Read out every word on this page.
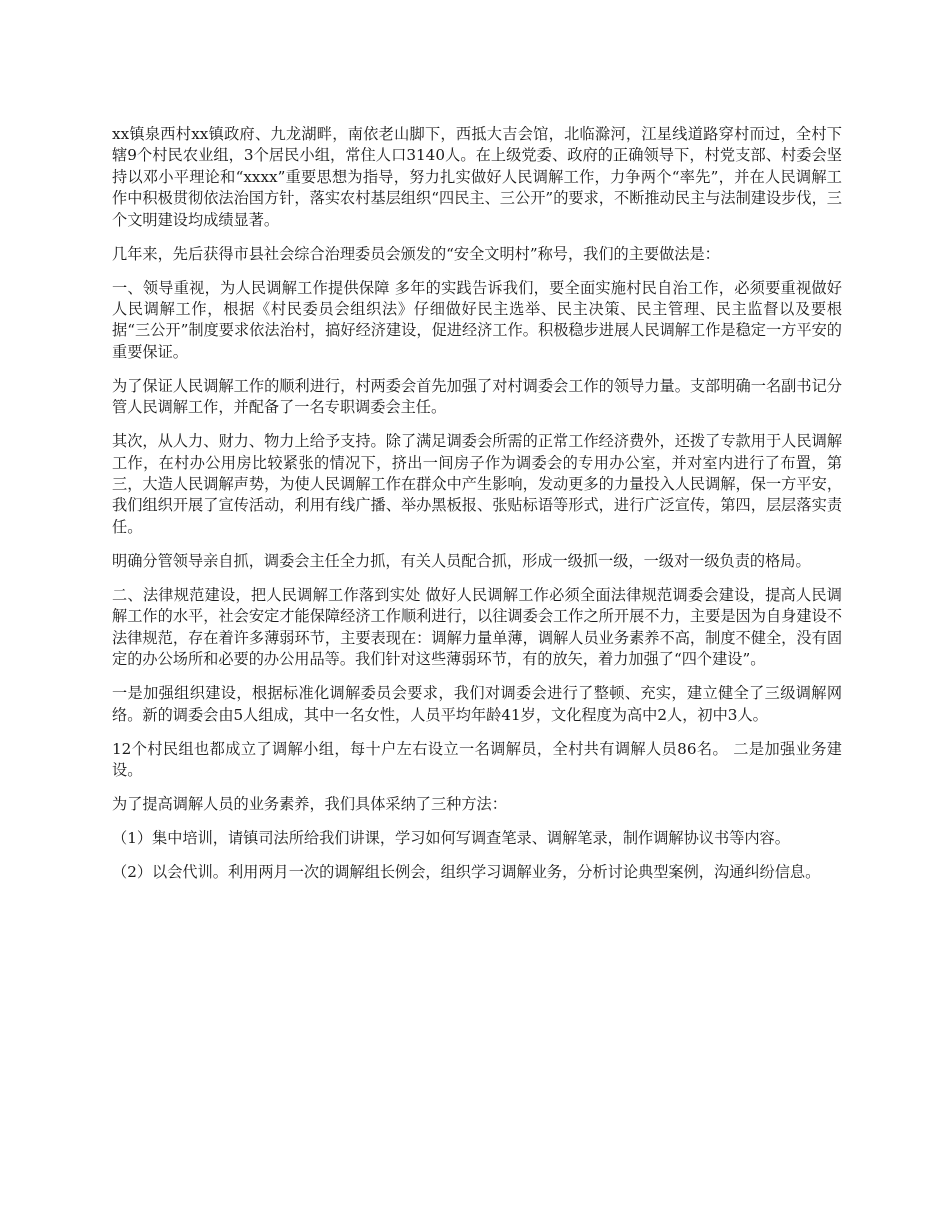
xx镇泉西村xx镇政府、九龙湖畔，南依老山脚下，西抵大吉会馆，北临滁河，江星线道路穿村而过，全村下辖9个村民农业组，3个居民小组，常住人口3140人。在上级党委、政府的正确领导下，村党支部、村委会坚持以邓小平理论和“xxxx”重要思想为指导，努力扎实做好人民调解工作，力争两个“率先”，并在人民调解工作中积极贯彻依法治国方针，落实农村基层组织“四民主、三公开”的要求，不断推动民主与法制建设步伐，三个文明建设均成绩显著。

几年来，先后获得市县社会综合治理委员会颁发的“安全文明村”称号，我们的主要做法是：

一、领导重视，为人民调解工作提供保障 多年的实践告诉我们，要全面实施村民自治工作，必须要重视做好人民调解工作，根据《村民委员会组织法》仔细做好民主选举、民主决策、民主管理、民主监督以及要根据“三公开”制度要求依法治村，搞好经济建设，促进经济工作。积极稳步进展人民调解工作是稳定一方平安的重要保证。

为了保证人民调解工作的顺利进行，村两委会首先加强了对村调委会工作的领导力量。支部明确一名副书记分管人民调解工作，并配备了一名专职调委会主任。

其次，从人力、财力、物力上给予支持。除了满足调委会所需的正常工作经济费外，还拨了专款用于人民调解工作，在村办公用房比较紧张的情况下，挤出一间房子作为调委会的专用办公室，并对室内进行了布置，第三，大造人民调解声势，为使人民调解工作在群众中产生影响，发动更多的力量投入人民调解，保一方平安，我们组织开展了宣传活动，利用有线广播、举办黑板报、张贴标语等形式，进行广泛宣传，第四，层层落实责任。

明确分管领导亲自抓，调委会主任全力抓，有关人员配合抓，形成一级抓一级，一级对一级负责的格局。

二、法律规范建设，把人民调解工作落到实处 做好人民调解工作必须全面法律规范调委会建设，提高人民调解工作的水平，社会安定才能保障经济工作顺利进行，以往调委会工作之所开展不力，主要是因为自身建设不法律规范，存在着许多薄弱环节，主要表现在：调解力量单薄，调解人员业务素养不高，制度不健全，没有固定的办公场所和必要的办公用品等。我们针对这些薄弱环节，有的放矢，着力加强了“四个建设”。

一是加强组织建设，根据标准化调解委员会要求，我们对调委会进行了整顿、充实，建立健全了三级调解网络。新的调委会由5人组成，其中一名女性，人员平均年龄41岁，文化程度为高中2人，初中3人。

12个村民组也都成立了调解小组，每十户左右设立一名调解员，全村共有调解人员86名。 二是加强业务建设。

为了提高调解人员的业务素养，我们具体采纳了三种方法：

（1）集中培训，请镇司法所给我们讲课，学习如何写调查笔录、调解笔录，制作调解协议书等内容。

（2）以会代训。利用两月一次的调解组长例会，组织学习调解业务，分析讨论典型案例，沟通纠纷信息。
